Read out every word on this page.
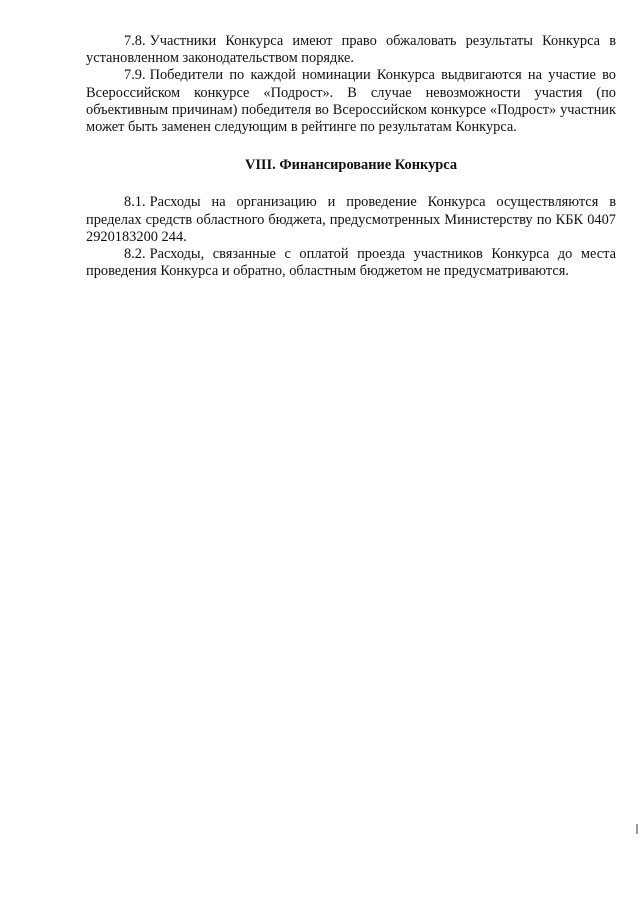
7.8. Участники Конкурса имеют право обжаловать результаты Конкурса в установленном законодательством порядке.

7.9. Победители по каждой номинации Конкурса выдвигаются на участие во Всероссийском конкурсе «Подрост». В случае невозможности участия (по объективным причинам) победителя во Всероссийском конкурсе «Подрост» участник может быть заменен следующим в рейтинге по результатам Конкурса.

VIII. Финансирование Конкурса

8.1. Расходы на организацию и проведение Конкурса осуществляются в пределах средств областного бюджета, предусмотренных Министерству по КБК 0407 2920183200 244.

8.2. Расходы, связанные с оплатой проезда участников Конкурса до места проведения Конкурса и обратно, областным бюджетом не предусматриваются.
